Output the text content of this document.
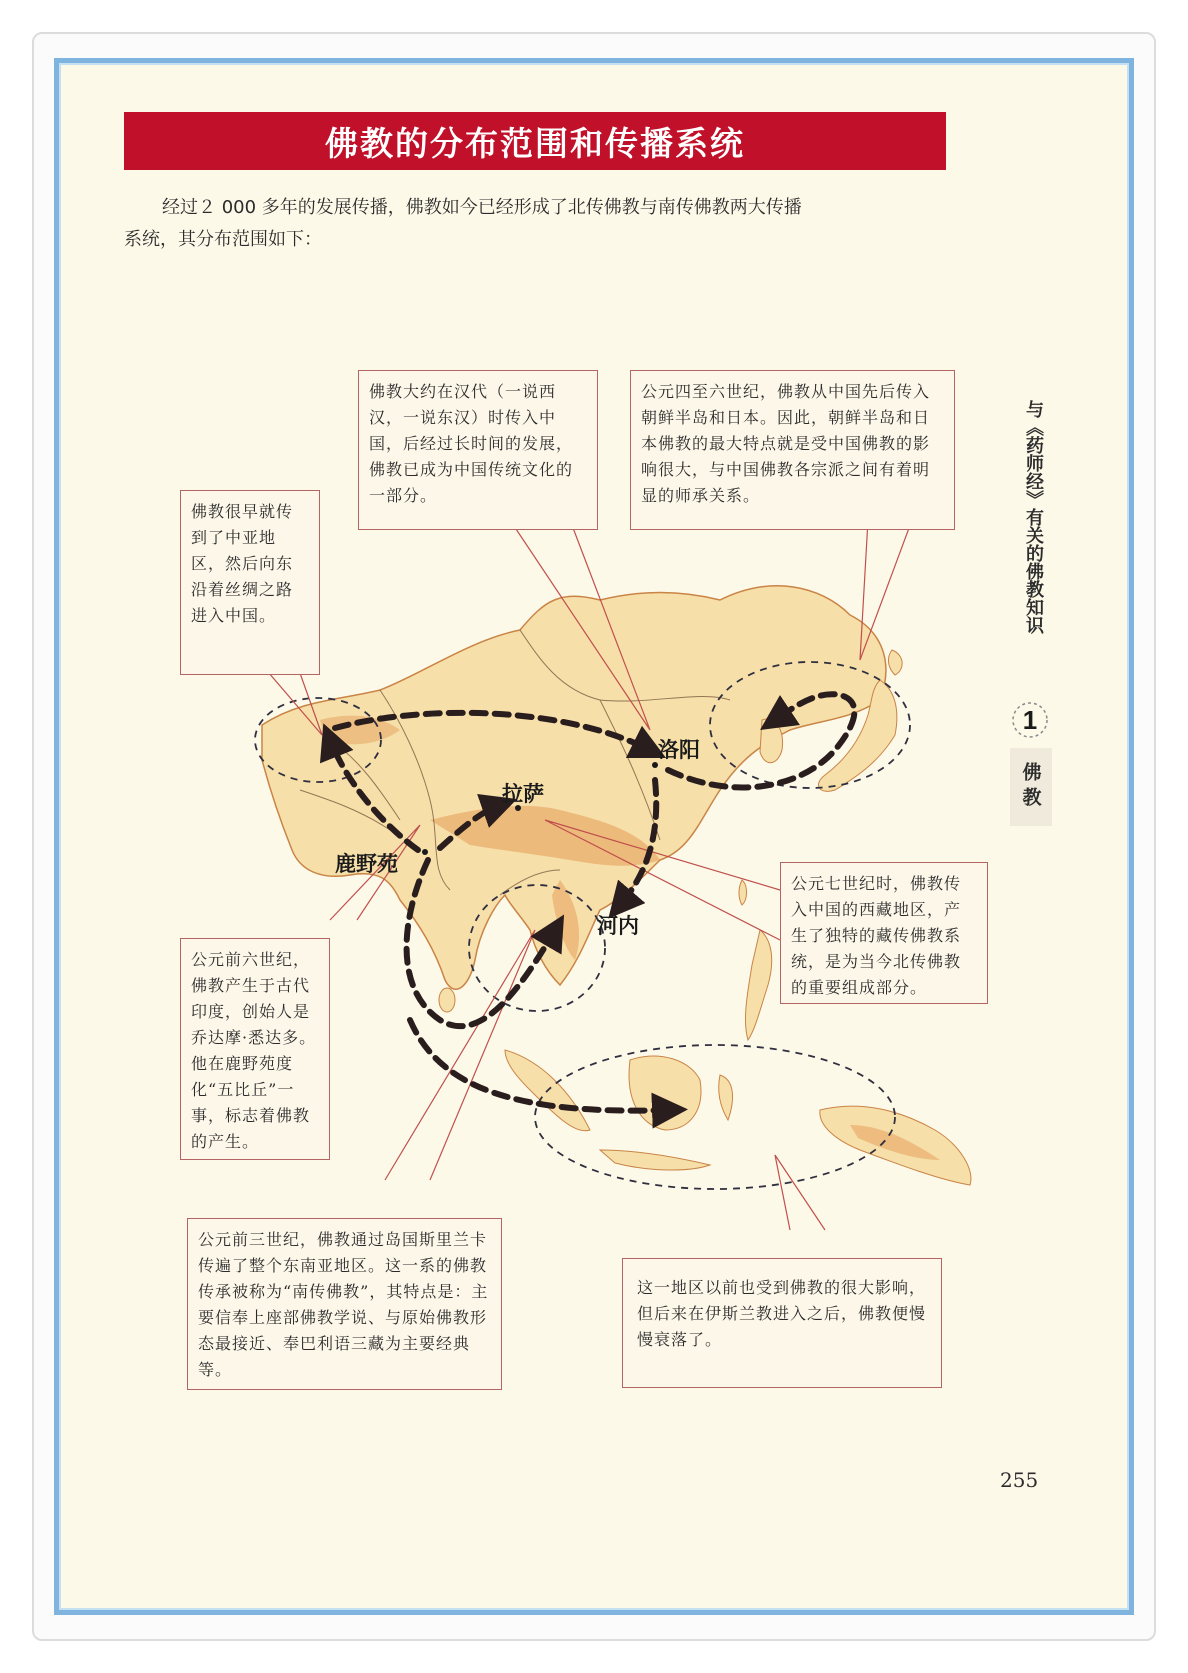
佛教的分布范围和传播系统

经过２ 000 多年的发展传播，佛教如今已经形成了北传佛教与南传佛教两大传播

系统，其分布范围如下：

洛阳
拉萨
鹿野苑
河内
佛教很早就传到了中亚地区，然后向东沿着丝绸之路进入中国。
佛教大约在汉代（一说西汉，一说东汉）时传入中国，后经过长时间的发展，佛教已成为中国传统文化的一部分。
公元四至六世纪，佛教从中国先后传入朝鲜半岛和日本。因此，朝鲜半岛和日本佛教的最大特点就是受中国佛教的影响很大，与中国佛教各宗派之间有着明显的师承关系。
公元七世纪时，佛教传入中国的西藏地区，产生了独特的藏传佛教系统，是为当今北传佛教的重要组成部分。
公元前六世纪，佛教产生于古代印度，创始人是乔达摩·悉达多。他在鹿野苑度化“五比丘”一事，标志着佛教的产生。
公元前三世纪，佛教通过岛国斯里兰卡传遍了整个东南亚地区。这一系的佛教传承被称为“南传佛教”，其特点是：主要信奉上座部佛教学说、与原始佛教形态最接近、奉巴利语三藏为主要经典等。
这一地区以前也受到佛教的很大影响，但后来在伊斯兰教进入之后，佛教便慢慢衰落了。
与《药师经》有关的佛教知识
1
佛教
255
